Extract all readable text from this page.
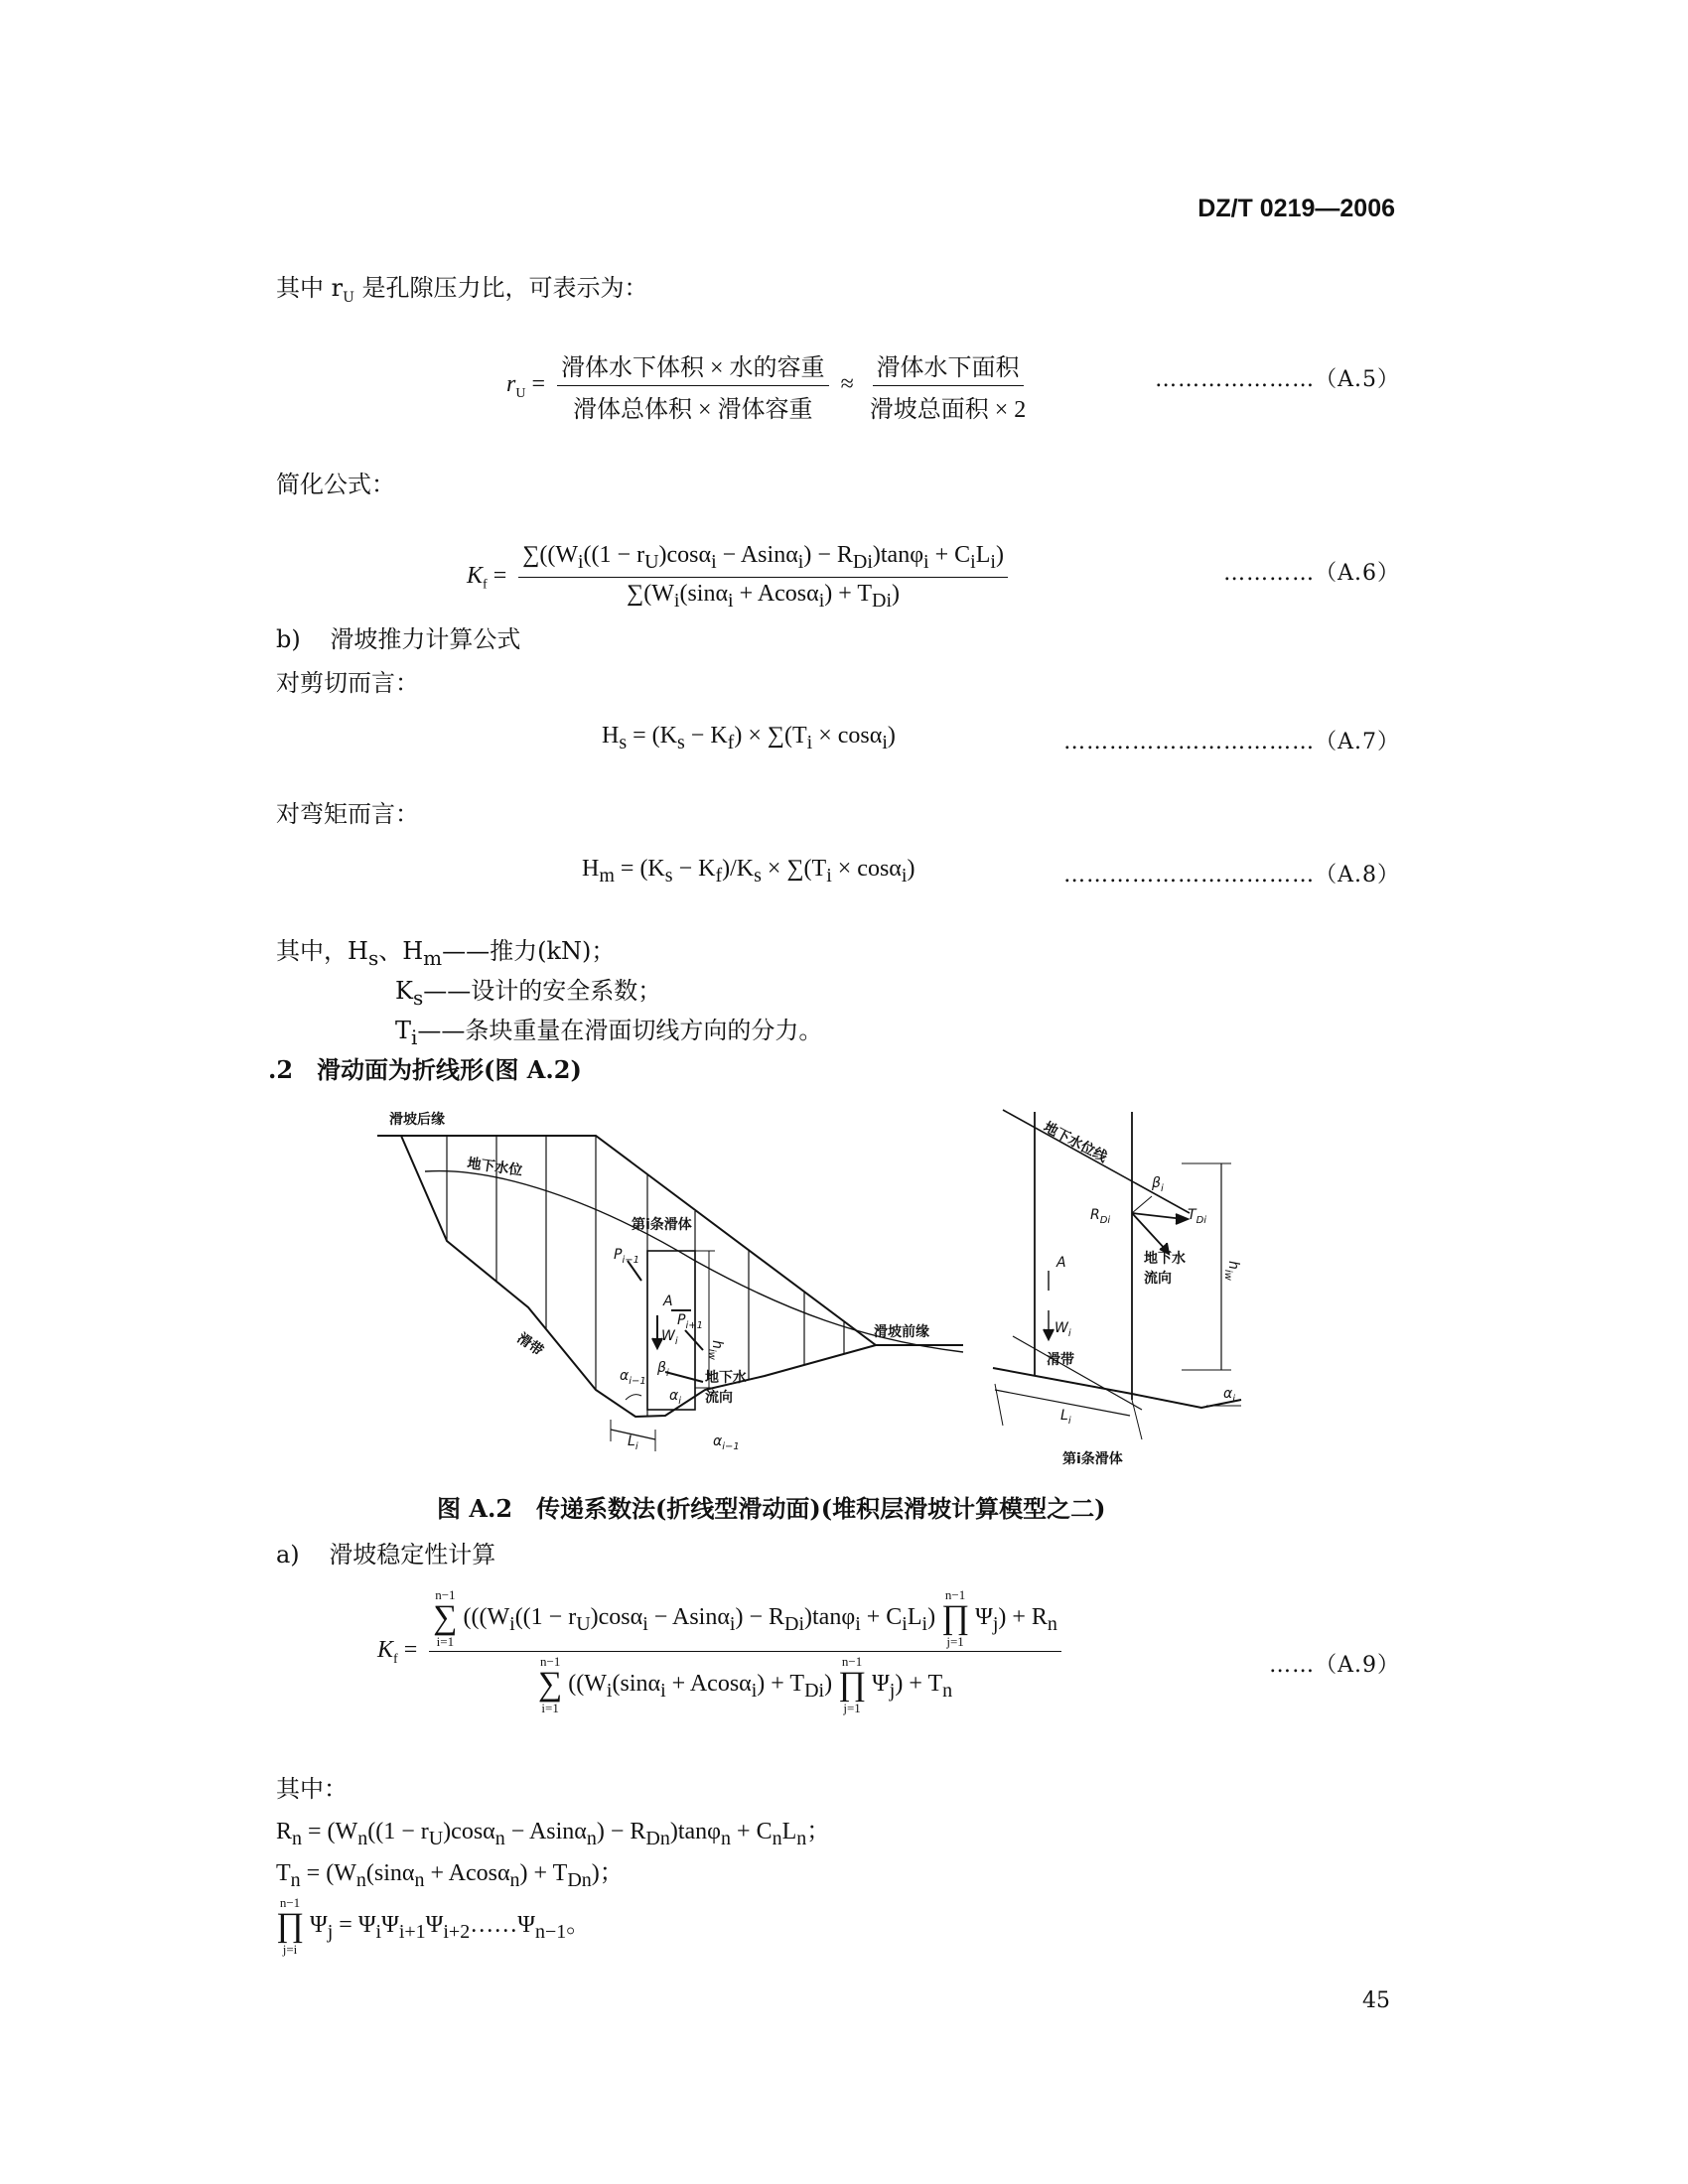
DZ/T 0219—2006
其中 $r_U$ 是孔隙压力比，可表示为：
$r_U = \frac{\text{滑体水下体积 × 水的容重}}{\text{滑体总体积 × 滑体容重}} \approx \frac{\text{滑体水下面积}}{\text{滑坡总面积 × 2}}$	…………………（A.5）
简化公式：
$K_f = \frac{\sum((W_i((1 - r_U)\cos\alpha_i - Asin\alpha_i) - R_{Di})\tan\varphi_i + C_iL_i)}{\sum(W_i(\sin\alpha_i + Acos\alpha_i) + T_{Di})}$	…………（A.6）
b) 滑坡推力计算公式
对剪切而言：
$H_s = (K_s - K_f) \times \sum(T_i \times \cos\alpha_i)$	……………………………（A.7）
对弯矩而言：
$H_m = (K_s - K_f)/K_s \times \sum(T_i \times \cos\alpha_i)$	……………………………（A.8）
其中，$H_s$、$H_m——$推力(kN)；
$K_s——$设计的安全系数；
$T_i——$条块重量在滑面切线方向的分力。
.2　滑动面为折线形(图 A.2)
滑坡后缘
地下水位
第i条滑体
$P_{i-1}$
A
$W_i$
$P_{i+1}$
$h_{iw}$
滑带	滑坡前缘
$\alpha_{i-1}$
$\beta_i$	地下水
流向
$\alpha_i$
$L_i$	$\alpha_{i-1}$
地下水位线
$\beta_i$
$R_{Di}$	$T_{Di}$
A	地下水
流向
$W_i$
$h_{iw}$
滑带
$\alpha_i$
$L_i$
第i条滑体
图 A.2　传递系数法(折线型滑动面)(堆积层滑坡计算模型之二)
a) 滑坡稳定性计算
$K_f$ =
n−1
∑
i=1
($((W_i((1 - r_U)\cos\alpha_i - Asin\alpha_i) - R_{Di})\tan\varphi_i + C_iL_i)$
n−1
∏
j=1
$\Psi_j) + R_n$
n−1
∑
i=1
($(W_i(\sin\alpha_i + Acos\alpha_i) + T_{Di})$
n−1
∏
j=1
$\Psi_j) + T_n$
……（A.9）
其中：
$R_n = (W_n((1 - r_U)\cos\alpha_n - Asin\alpha_n) - R_{Dn})\tan\varphi_n + C_nL_n$；
$T_n = (W_n(\sin\alpha_n + Acos\alpha_n) + T_{Dn})$；
n−1
∏
j=i
$\Psi_j$ = $\Psi_i\Psi_{i+1}\Psi_{i+2}\dots\dots\Psi_{n-1}$。
45
